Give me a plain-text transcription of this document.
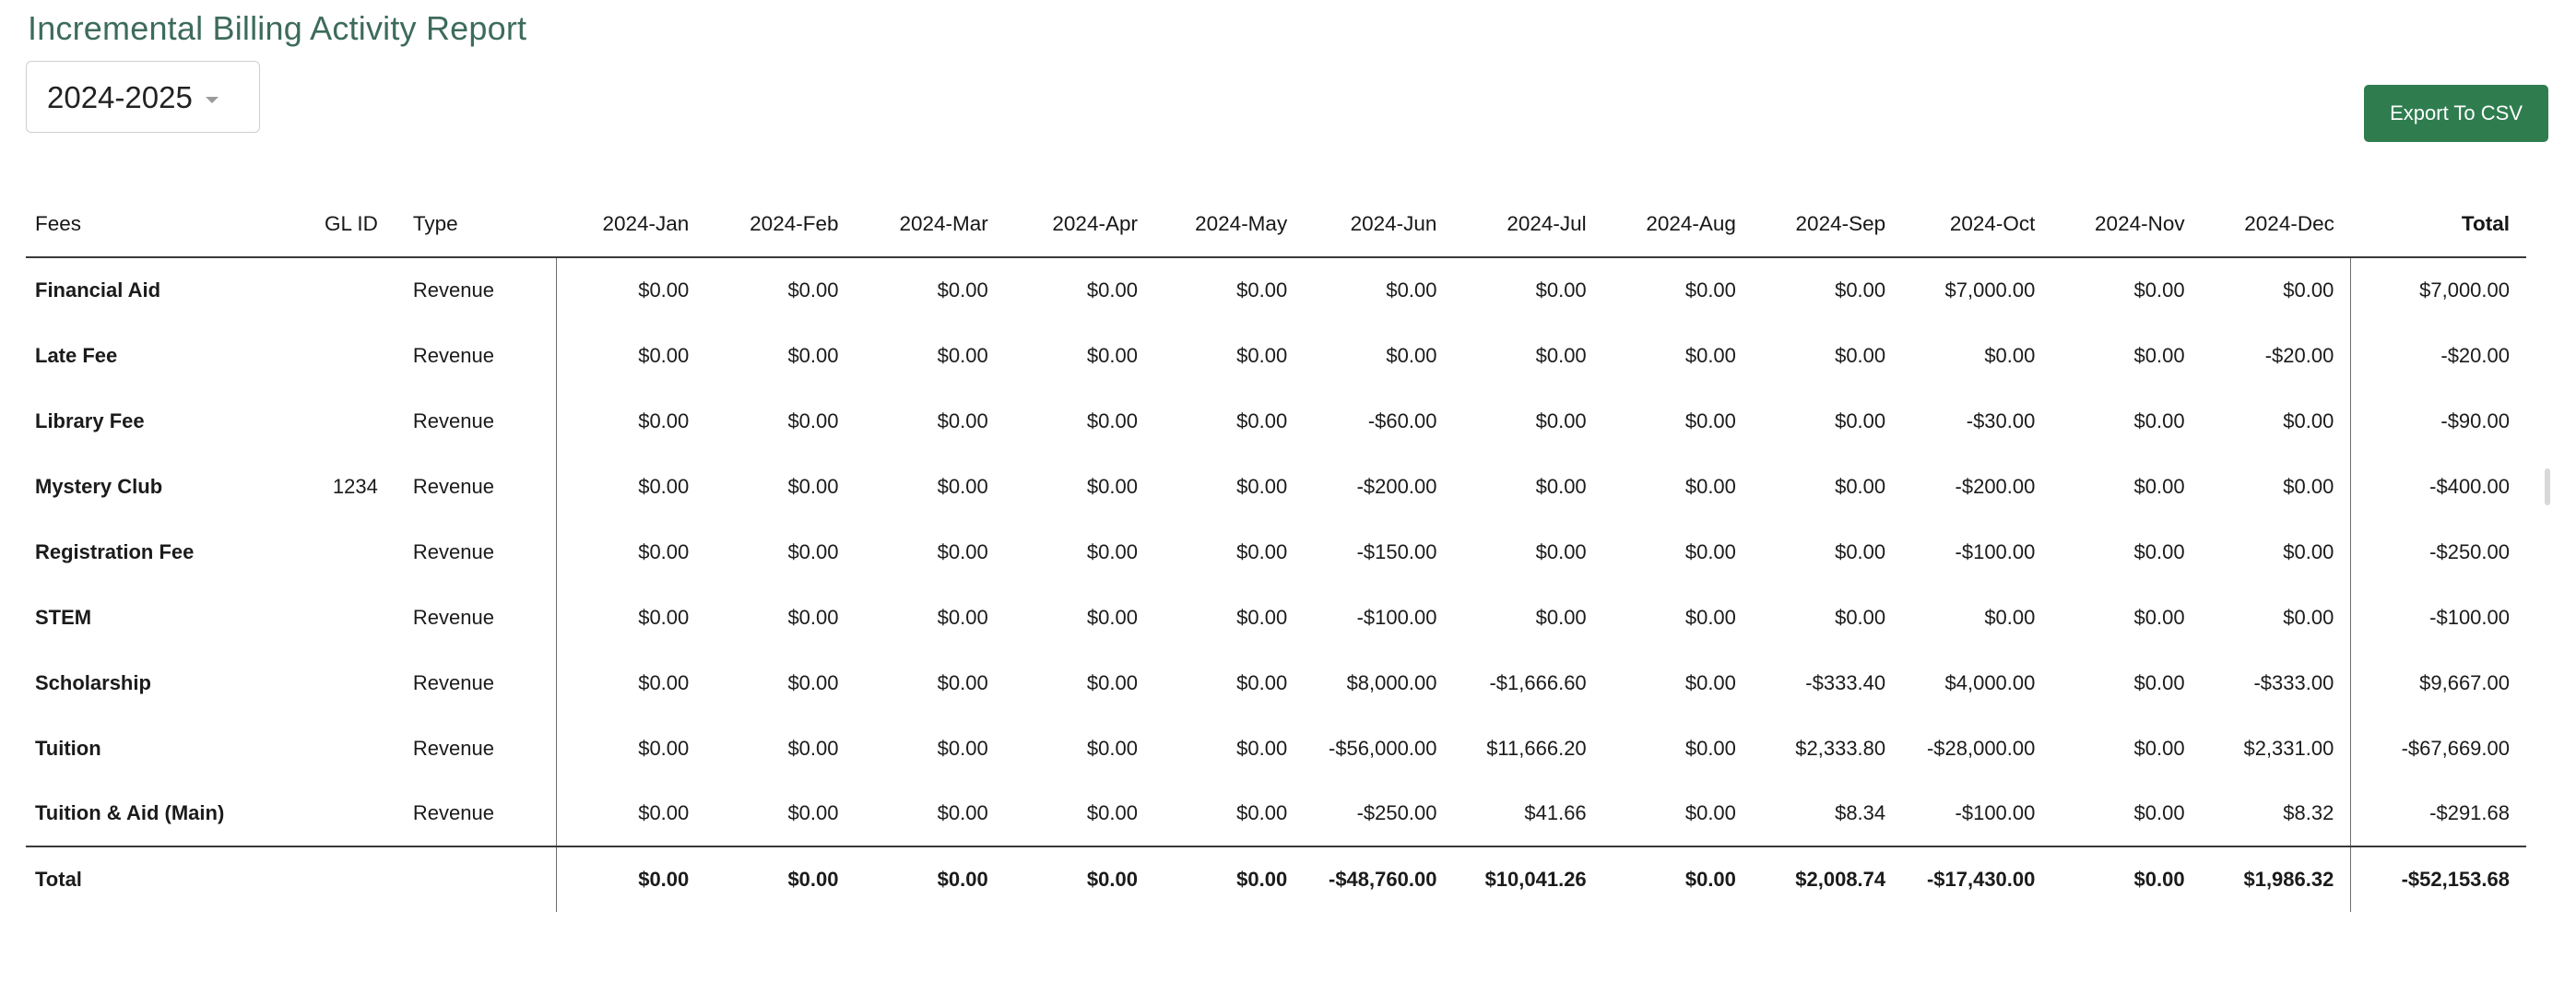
Incremental Billing Activity Report
2024-2025	Export To CSV
Fees	GL ID	Type	2024-Jan	2024-Feb	2024-Mar	2024-Apr	2024-May	2024-Jun	2024-Jul	2024-Aug	2024-Sep	2024-Oct	2024-Nov	2024-Dec	Total
Financial Aid		Revenue	$0.00	$0.00	$0.00	$0.00	$0.00	$0.00	$0.00	$0.00	$0.00	$7,000.00	$0.00	$0.00	$7,000.00
Late Fee		Revenue	$0.00	$0.00	$0.00	$0.00	$0.00	$0.00	$0.00	$0.00	$0.00	$0.00	$0.00	-$20.00	-$20.00
Library Fee		Revenue	$0.00	$0.00	$0.00	$0.00	$0.00	-$60.00	$0.00	$0.00	$0.00	-$30.00	$0.00	$0.00	-$90.00
Mystery Club	1234	Revenue	$0.00	$0.00	$0.00	$0.00	$0.00	-$200.00	$0.00	$0.00	$0.00	-$200.00	$0.00	$0.00	-$400.00
Registration Fee		Revenue	$0.00	$0.00	$0.00	$0.00	$0.00	-$150.00	$0.00	$0.00	$0.00	-$100.00	$0.00	$0.00	-$250.00
STEM		Revenue	$0.00	$0.00	$0.00	$0.00	$0.00	-$100.00	$0.00	$0.00	$0.00	$0.00	$0.00	$0.00	-$100.00
Scholarship		Revenue	$0.00	$0.00	$0.00	$0.00	$0.00	$8,000.00	-$1,666.60	$0.00	-$333.40	$4,000.00	$0.00	-$333.00	$9,667.00
Tuition		Revenue	$0.00	$0.00	$0.00	$0.00	$0.00	-$56,000.00	$11,666.20	$0.00	$2,333.80	-$28,000.00	$0.00	$2,331.00	-$67,669.00
Tuition & Aid (Main)		Revenue	$0.00	$0.00	$0.00	$0.00	$0.00	-$250.00	$41.66	$0.00	$8.34	-$100.00	$0.00	$8.32	-$291.68
Total			$0.00	$0.00	$0.00	$0.00	$0.00	-$48,760.00	$10,041.26	$0.00	$2,008.74	-$17,430.00	$0.00	$1,986.32	-$52,153.68
